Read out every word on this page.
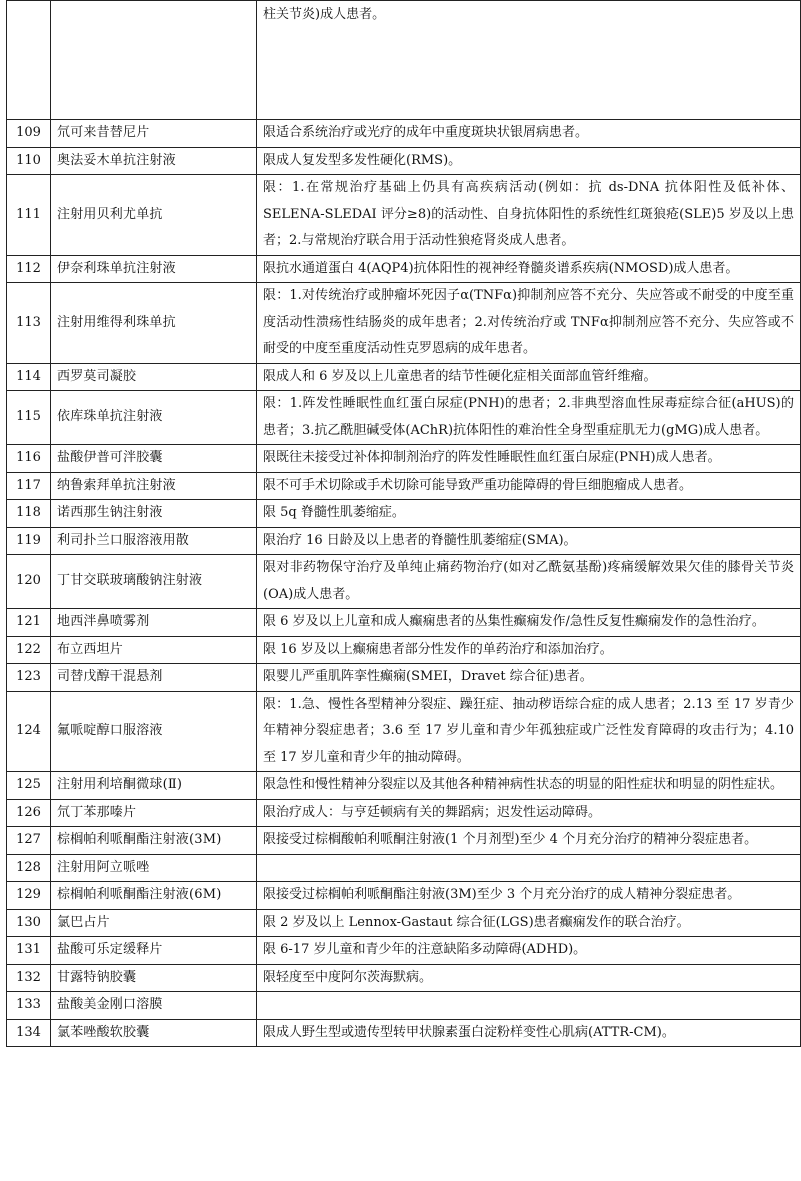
		柱关节炎)成人患者。
109	氘可来昔替尼片	限适合系统治疗或光疗的成年中重度斑块状银屑病患者。
110	奥法妥木单抗注射液	限成人复发型多发性硬化(RMS)。
111	注射用贝利尤单抗	限：1.在常规治疗基础上仍具有高疾病活动(例如：抗 ds-DNA 抗体阳性及低补体、SELENA-SLEDAI 评分≥8)的活动性、自身抗体阳性的系统性红斑狼疮(SLE)5 岁及以上患者；2.与常规治疗联合用于活动性狼疮肾炎成人患者。
112	伊奈利珠单抗注射液	限抗水通道蛋白 4(AQP4)抗体阳性的视神经脊髓炎谱系疾病(NMOSD)成人患者。
113	注射用维得利珠单抗	限：1.对传统治疗或肿瘤坏死因子α(TNFα)抑制剂应答不充分、失应答或不耐受的中度至重度活动性溃疡性结肠炎的成年患者；2.对传统治疗或 TNFα抑制剂应答不充分、失应答或不耐受的中度至重度活动性克罗恩病的成年患者。
114	西罗莫司凝胶	限成人和 6 岁及以上儿童患者的结节性硬化症相关面部血管纤维瘤。
115	依库珠单抗注射液	限：1.阵发性睡眠性血红蛋白尿症(PNH)的患者；2.非典型溶血性尿毒症综合征(aHUS)的患者；3.抗乙酰胆碱受体(AChR)抗体阳性的难治性全身型重症肌无力(gMG)成人患者。
116	盐酸伊普可泮胶囊	限既往未接受过补体抑制剂治疗的阵发性睡眠性血红蛋白尿症(PNH)成人患者。
117	纳鲁索拜单抗注射液	限不可手术切除或手术切除可能导致严重功能障碍的骨巨细胞瘤成人患者。
118	诺西那生钠注射液	限 5q 脊髓性肌萎缩症。
119	利司扑兰口服溶液用散	限治疗 16 日龄及以上患者的脊髓性肌萎缩症(SMA)。
120	丁甘交联玻璃酸钠注射液	限对非药物保守治疗及单纯止痛药物治疗(如对乙酰氨基酚)疼痛缓解效果欠佳的膝骨关节炎(OA)成人患者。
121	地西泮鼻喷雾剂	限 6 岁及以上儿童和成人癫痫患者的丛集性癫痫发作/急性反复性癫痫发作的急性治疗。
122	布立西坦片	限 16 岁及以上癫痫患者部分性发作的单药治疗和添加治疗。
123	司替戊醇干混悬剂	限婴儿严重肌阵挛性癫痫(SMEI，Dravet 综合征)患者。
124	氟哌啶醇口服溶液	限：1.急、慢性各型精神分裂症、躁狂症、抽动秽语综合症的成人患者；2.13 至 17 岁青少年精神分裂症患者；3.6 至 17 岁儿童和青少年孤独症或广泛性发育障碍的攻击行为；4.10 至 17 岁儿童和青少年的抽动障碍。
125	注射用利培酮微球(Ⅱ)	限急性和慢性精神分裂症以及其他各种精神病性状态的明显的阳性症状和明显的阴性症状。
126	氘丁苯那嗪片	限治疗成人：与亨廷顿病有关的舞蹈病；迟发性运动障碍。
127	棕榈帕利哌酮酯注射液(3M)	限接受过棕榈酸帕利哌酮注射液(1 个月剂型)至少 4 个月充分治疗的精神分裂症患者。
128	注射用阿立哌唑	
129	棕榈帕利哌酮酯注射液(6M)	限接受过棕榈帕利哌酮酯注射液(3M)至少 3 个月充分治疗的成人精神分裂症患者。
130	氯巴占片	限 2 岁及以上 Lennox-Gastaut 综合征(LGS)患者癫痫发作的联合治疗。
131	盐酸可乐定缓释片	限 6-17 岁儿童和青少年的注意缺陷多动障碍(ADHD)。
132	甘露特钠胶囊	限轻度至中度阿尔茨海默病。
133	盐酸美金刚口溶膜	
134	氯苯唑酸软胶囊	限成人野生型或遗传型转甲状腺素蛋白淀粉样变性心肌病(ATTR-CM)。
